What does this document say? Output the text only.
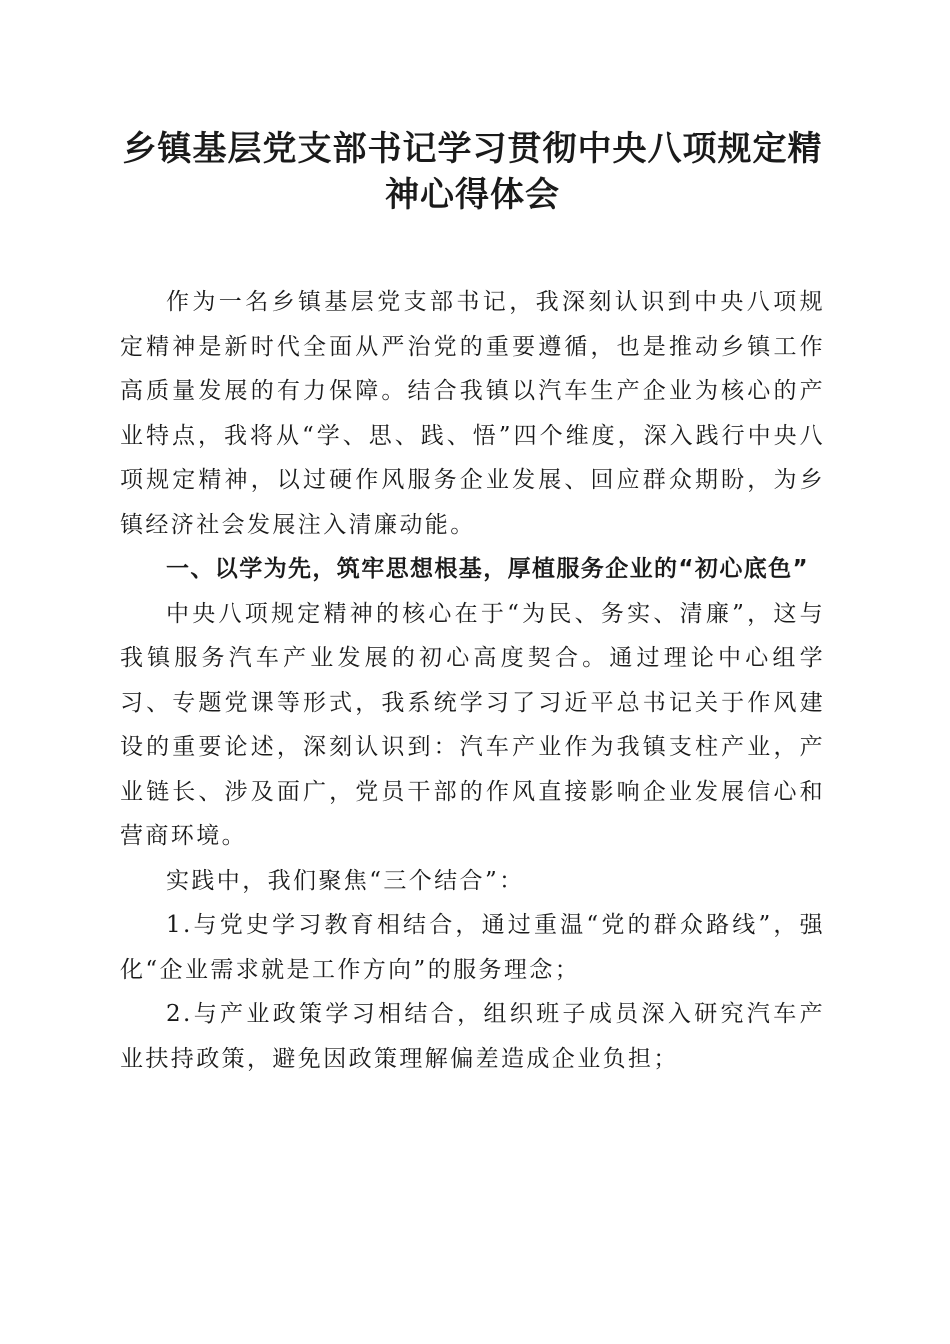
乡镇基层党支部书记学习贯彻中央八项规定精
神心得体会

作为一名乡镇基层党支部书记，我深刻认识到中央八项规定精神是新时代全面从严治党的重要遵循，也是推动乡镇工作高质量发展的有力保障。结合我镇以汽车生产企业为核心的产业特点，我将从“学、思、践、悟”四个维度，深入践行中央八项规定精神，以过硬作风服务企业发展、回应群众期盼，为乡镇经济社会发展注入清廉动能。

一、以学为先，筑牢思想根基，厚植服务企业的“初心底色”

中央八项规定精神的核心在于“为民、务实、清廉”，这与我镇服务汽车产业发展的初心高度契合。通过理论中心组学习、专题党课等形式，我系统学习了习近平总书记关于作风建设的重要论述，深刻认识到：汽车产业作为我镇支柱产业，产业链长、涉及面广，党员干部的作风直接影响企业发展信心和营商环境。

实践中，我们聚焦“三个结合”：

1.与党史学习教育相结合，通过重温“党的群众路线”，强化“企业需求就是工作方向”的服务理念；

2.与产业政策学习相结合，组织班子成员深入研究汽车产业扶持政策，避免因政策理解偏差造成企业负担；
